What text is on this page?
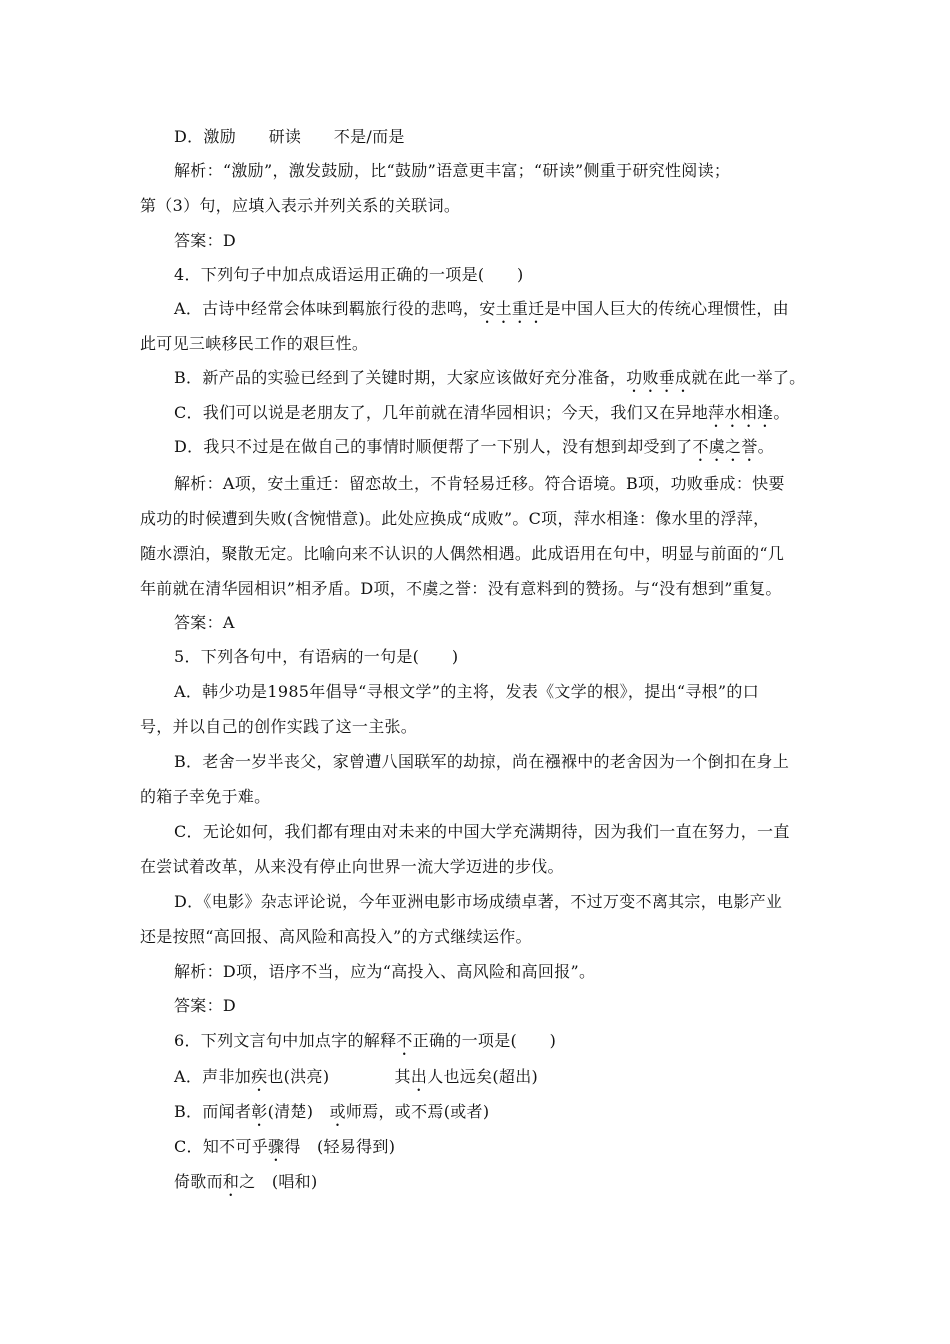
D．激励　　研读　　不是/而是
解析：“激励”，激发鼓励，比“鼓励”语意更丰富；“研读”侧重于研究性阅读；
第（3）句，应填入表示并列关系的关联词。
答案：D
4．下列句子中加点成语运用正确的一项是(　　)
A．古诗中经常会体味到羁旅行役的悲鸣，安土重迁是中国人巨大的传统心理惯性，由
此可见三峡移民工作的艰巨性。
B．新产品的实验已经到了关键时期，大家应该做好充分准备，功败垂成就在此一举了。
C．我们可以说是老朋友了，几年前就在清华园相识；今天，我们又在异地萍水相逢。
D．我只不过是在做自己的事情时顺便帮了一下别人，没有想到却受到了不虞之誉。
解析：A项，安土重迁：留恋故土，不肯轻易迁移。符合语境。B项，功败垂成：快要
成功的时候遭到失败(含惋惜意)。此处应换成“成败”。C项，萍水相逢：像水里的浮萍，
随水漂泊，聚散无定。比喻向来不认识的人偶然相遇。此成语用在句中，明显与前面的“几
年前就在清华园相识”相矛盾。D项，不虞之誉：没有意料到的赞扬。与“没有想到”重复。
答案：A
5．下列各句中，有语病的一句是(　　)
A．韩少功是1985年倡导“寻根文学”的主将，发表《文学的根》，提出“寻根”的口
号，并以自己的创作实践了这一主张。
B．老舍一岁半丧父，家曾遭八国联军的劫掠，尚在襁褓中的老舍因为一个倒扣在身上
的箱子幸免于难。
C．无论如何，我们都有理由对未来的中国大学充满期待，因为我们一直在努力，一直
在尝试着改革，从来没有停止向世界一流大学迈进的步伐。
D．《电影》杂志评论说，今年亚洲电影市场成绩卓著，不过万变不离其宗，电影产业
还是按照“高回报、高风险和高投入”的方式继续运作。
解析：D项，语序不当，应为“高投入、高风险和高回报”。
答案：D
6．下列文言句中加点字的解释不正确的一项是(　　)
A．声非加疾也(洪亮)　　　　其出人也远矣(超出)
B．而闻者彰(清楚)　或师焉，或不焉(或者)
C．知不可乎骤得　(轻易得到)
倚歌而和之　(唱和)
